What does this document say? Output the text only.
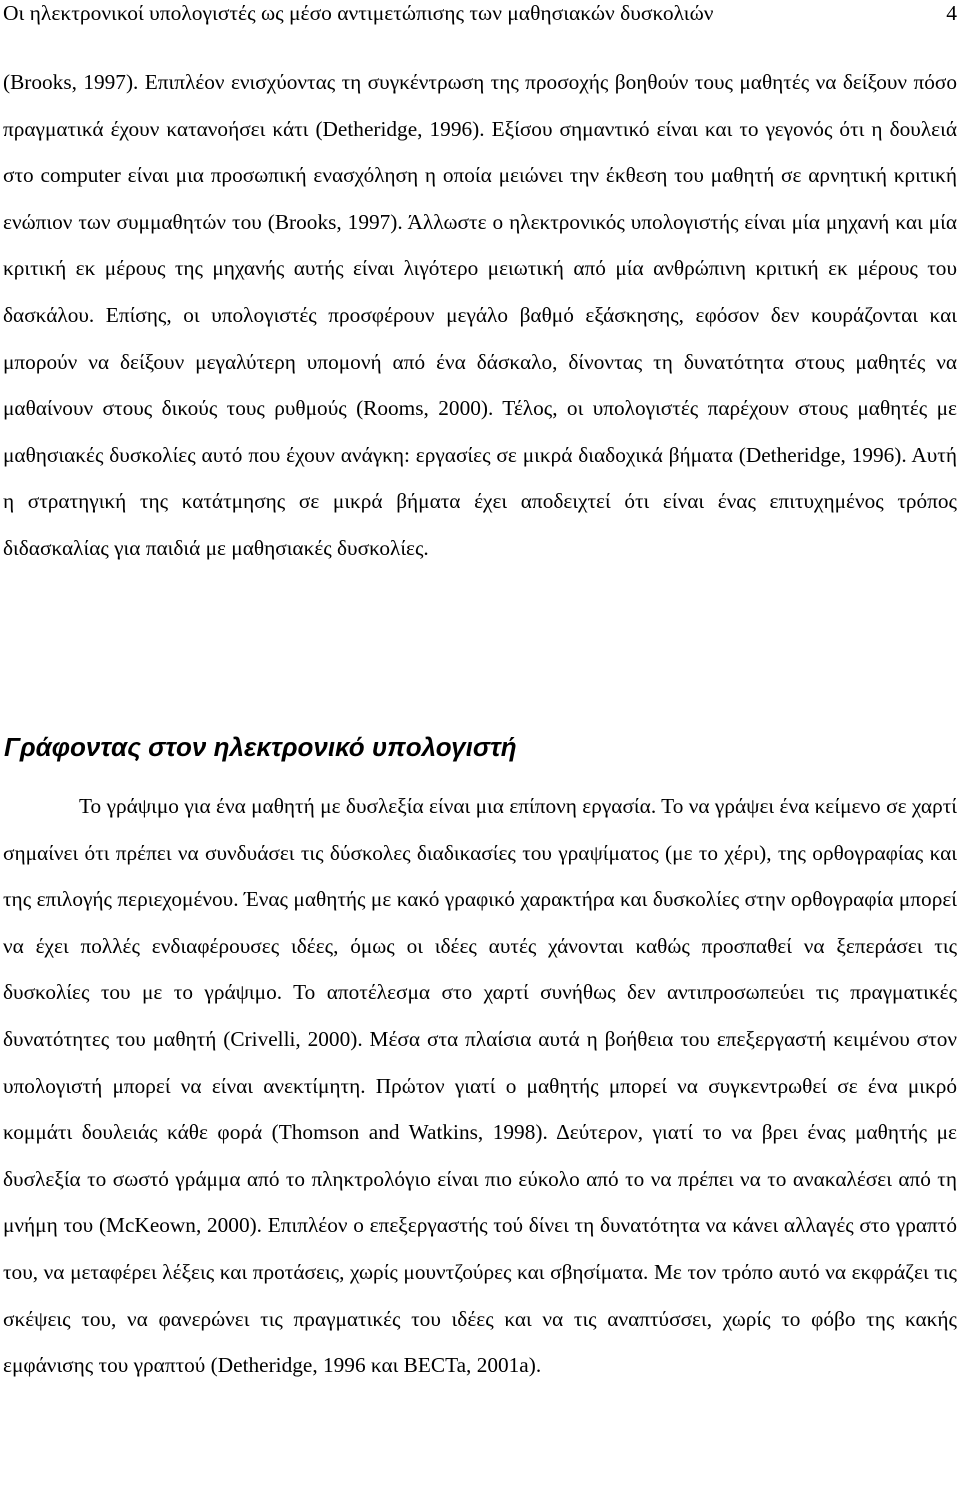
Οι ηλεκτρονικοί υπολογιστές ως μέσο αντιμετώπισης των μαθησιακών δυσκολιών	4

(Brooks, 1997). Επιπλέον ενισχύοντας τη συγκέντρωση της προσοχής βοηθούν τους μαθητές να δείξουν πόσο πραγματικά έχουν κατανοήσει κάτι (Detheridge, 1996). Εξίσου σημαντικό είναι και το γεγονός ότι η δουλειά στο computer είναι μια προσωπική ενασχόληση η οποία μειώνει την έκθεση του μαθητή σε αρνητική κριτική ενώπιον των συμμαθητών του (Brooks, 1997). Άλλωστε ο ηλεκτρονικός υπολογιστής είναι μία μηχανή και μία κριτική εκ μέρους της μηχανής αυτής είναι λιγότερο μειωτική από μία ανθρώπινη κριτική εκ μέρους του δασκάλου. Επίσης, οι υπολογιστές προσφέρουν μεγάλο βαθμό εξάσκησης, εφόσον δεν κουράζονται και μπορούν να δείξουν μεγαλύτερη υπομονή από ένα δάσκαλο, δίνοντας τη δυνατότητα στους μαθητές να μαθαίνουν στους δικούς τους ρυθμούς (Rooms, 2000). Τέλος, οι υπολογιστές παρέχουν στους μαθητές με μαθησιακές δυσκολίες αυτό που έχουν ανάγκη: εργασίες σε μικρά διαδοχικά βήματα (Detheridge, 1996). Αυτή η στρατηγική της κατάτμησης σε μικρά βήματα έχει αποδειχτεί ότι είναι ένας επιτυχημένος τρόπος διδασκαλίας για παιδιά με μαθησιακές δυσκολίες.

Γράφοντας στον ηλεκτρονικό υπολογιστή

Το γράψιμο για ένα μαθητή με δυσλεξία είναι μια επίπονη εργασία. Το να γράψει ένα κείμενο σε χαρτί σημαίνει ότι πρέπει να συνδυάσει τις δύσκολες διαδικασίες του γραψίματος (με το χέρι), της ορθογραφίας και της επιλογής περιεχομένου. Ένας μαθητής με κακό γραφικό χαρακτήρα και δυσκολίες στην ορθογραφία μπορεί να έχει πολλές ενδιαφέρουσες ιδέες, όμως οι ιδέες αυτές χάνονται καθώς προσπαθεί να ξεπεράσει τις δυσκολίες του με το γράψιμο. Το αποτέλεσμα στο χαρτί συνήθως δεν αντιπροσωπεύει τις πραγματικές δυνατότητες του μαθητή (Crivelli, 2000). Μέσα στα πλαίσια αυτά η βοήθεια του επεξεργαστή κειμένου στον υπολογιστή μπορεί να είναι ανεκτίμητη. Πρώτον γιατί ο μαθητής μπορεί να συγκεντρωθεί σε ένα μικρό κομμάτι δουλειάς κάθε φορά (Thomson and Watkins, 1998). Δεύτερον, γιατί το να βρει ένας μαθητής με δυσλεξία το σωστό γράμμα από το πληκτρολόγιο είναι πιο εύκολο από το να πρέπει να το ανακαλέσει από τη μνήμη του (McKeown, 2000). Επιπλέον ο επεξεργαστής τού δίνει τη δυνατότητα να κάνει αλλαγές στο γραπτό του, να μεταφέρει λέξεις και προτάσεις, χωρίς μουντζούρες και σβησίματα. Με τον τρόπο αυτό να εκφράζει τις σκέψεις του, να φανερώνει τις πραγματικές του ιδέες και να τις αναπτύσσει, χωρίς το φόβο της κακής εμφάνισης του γραπτού (Detheridge, 1996 και BECTa, 2001a).
